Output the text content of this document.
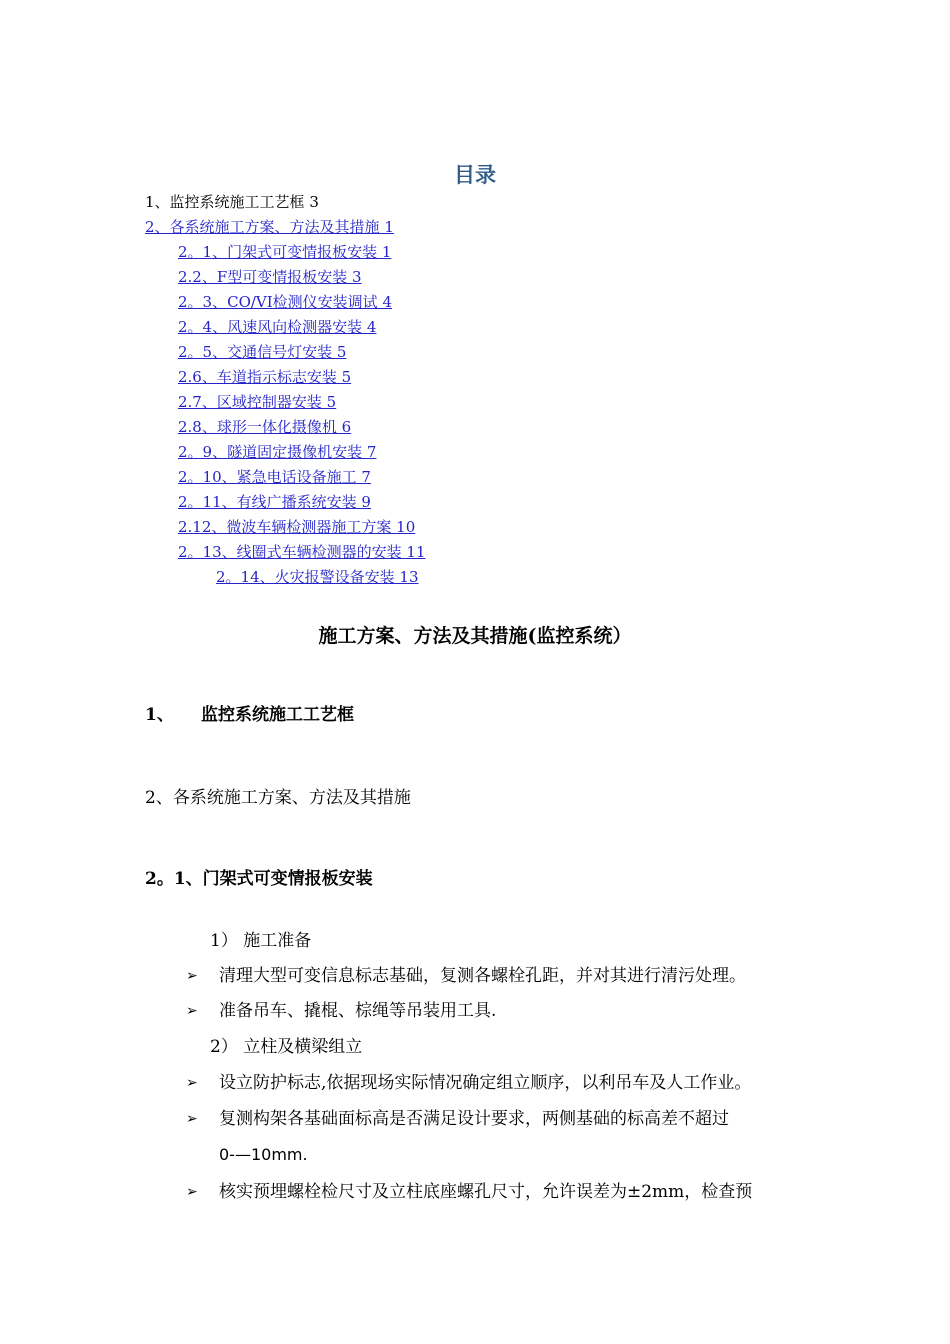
目录
1、监控系统施工工艺框 3
2、各系统施工方案、方法及其措施 1
2。1、门架式可变情报板安装 1
2.2、F型可变情报板安装 3
2。3、CO/VI检测仪安装调试 4
2。4、风速风向检测器安装 4
2。5、交通信号灯安装 5
2.6、车道指示标志安装 5
2.7、区域控制器安装 5
2.8、球形一体化摄像机 6
2。9、隧道固定摄像机安装 7
2。10、紧急电话设备施工 7
2。11、有线广播系统安装 9
2.12、微波车辆检测器施工方案 10
2。13、线圈式车辆检测器的安装 11
2。14、火灾报警设备安装 13
施工方案、方法及其措施(监控系统）
1、 监控系统施工工艺框
2、各系统施工方案、方法及其措施
2。1、门架式可变情报板安装
1） 施工准备
➢	清理大型可变信息标志基础，复测各螺栓孔距，并对其进行清污处理。
➢	准备吊车、撬棍、棕绳等吊装用工具.
2） 立柱及横梁组立
➢	设立防护标志,依据现场实际情况确定组立顺序，以利吊车及人工作业。
➢	复测构架各基础面标高是否满足设计要求，两侧基础的标高差不超过
0-—10mm.
➢	核实预埋螺栓检尺寸及立柱底座螺孔尺寸，允许误差为±2mm，检查预
